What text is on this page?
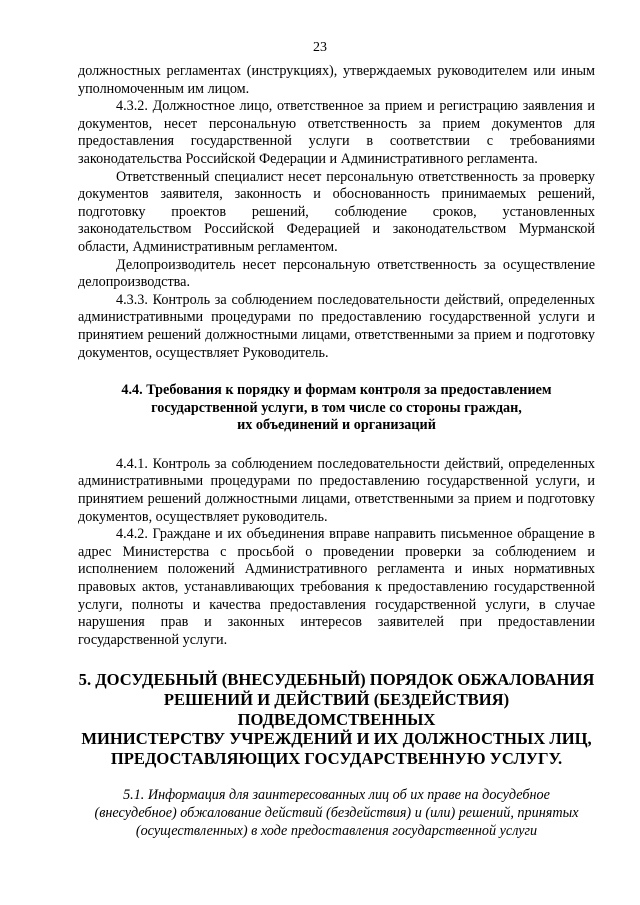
23

должностных регламентах (инструкциях), утверждаемых руководителем или иным уполномоченным им лицом.

4.3.2. Должностное лицо, ответственное за прием и регистрацию заявления и документов, несет персональную ответственность за прием документов для предоставления государственной услуги в соответствии с требованиями законодательства Российской Федерации и Административного регламента.

Ответственный специалист несет персональную ответственность за проверку документов заявителя, законность и обоснованность принимаемых решений, подготовку проектов решений, соблюдение сроков, установленных законодательством Российской Федерацией и законодательством Мурманской области, Административным регламентом.

Делопроизводитель несет персональную ответственность за осуществление делопроизводства.

4.3.3. Контроль за соблюдением последовательности действий, определенных административными процедурами по предоставлению государственной услуги и принятием решений должностными лицами, ответственными за прием и подготовку документов, осуществляет Руководитель.

4.4. Требования к порядку и формам контроля за предоставлением
государственной услуги, в том числе со стороны граждан,
их объединений и организаций

4.4.1. Контроль за соблюдением последовательности действий, определенных административными процедурами по предоставлению государственной услуги, и принятием решений должностными лицами, ответственными за прием и подготовку документов, осуществляет руководитель.

4.4.2. Граждане и их объединения вправе направить письменное обращение в адрес Министерства с просьбой о проведении проверки за соблюдением и исполнением положений Административного регламента и иных нормативных правовых актов, устанавливающих требования к предоставлению государственной услуги, полноты и качества предоставления государственной услуги, в случае нарушения прав и законных интересов заявителей при предоставлении государственной услуги.

5. ДОСУДЕБНЫЙ (ВНЕСУДЕБНЫЙ) ПОРЯДОК ОБЖАЛОВАНИЯ
РЕШЕНИЙ И ДЕЙСТВИЙ (БЕЗДЕЙСТВИЯ) ПОДВЕДОМСТВЕННЫХ
МИНИСТЕРСТВУ УЧРЕЖДЕНИЙ И ИХ ДОЛЖНОСТНЫХ ЛИЦ,
ПРЕДОСТАВЛЯЮЩИХ ГОСУДАРСТВЕННУЮ УСЛУГУ.
5.1. Информация для заинтересованных лиц об их праве на досудебное
(внесудебное) обжалование действий (бездействия) и (или) решений, принятых
(осуществленных) в ходе предоставления государственной услуги
